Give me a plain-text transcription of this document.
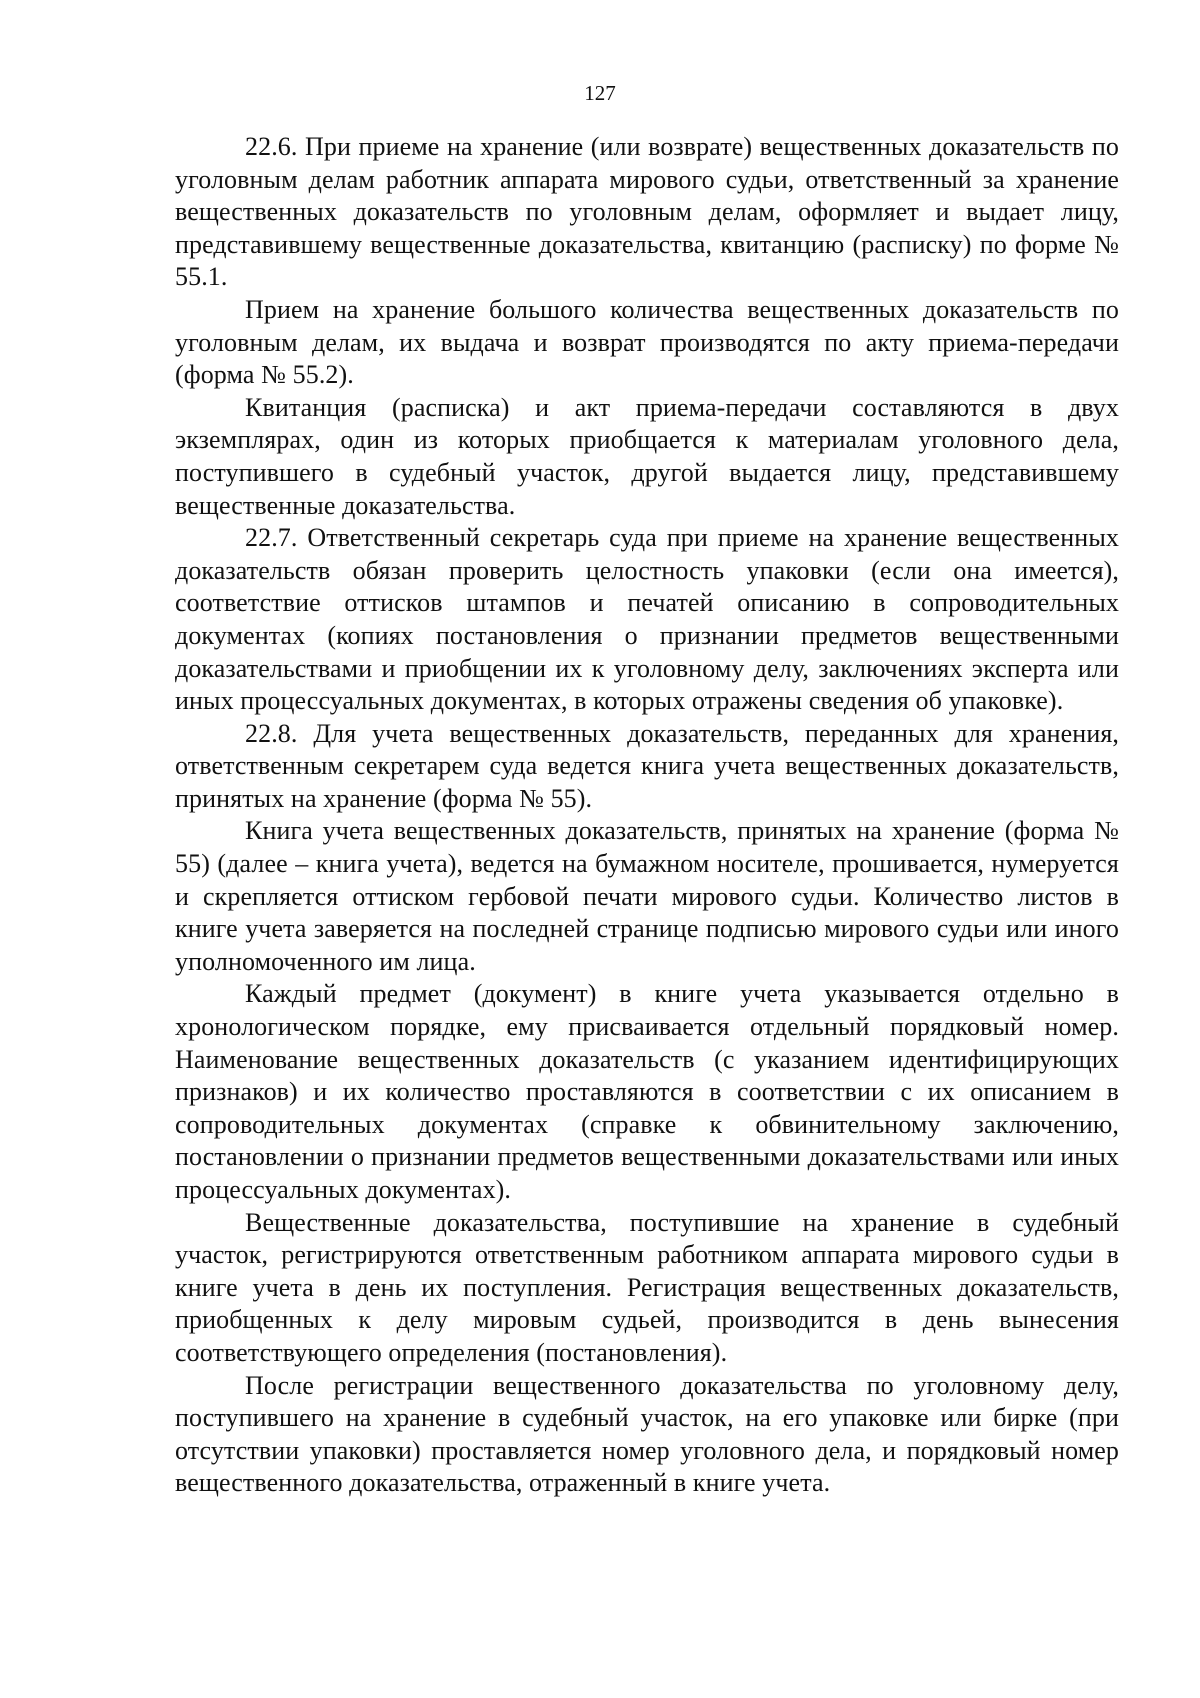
127

22.6. При приеме на хранение (или возврате) вещественных доказательств по уголовным делам работник аппарата мирового судьи, ответственный за хранение вещественных доказательств по уголовным делам, оформляет и выдает лицу, представившему вещественные доказательства, квитанцию (расписку) по форме № 55.1.

Прием на хранение большого количества вещественных доказательств по уголовным делам, их выдача и возврат производятся по акту приема-передачи (форма № 55.2).

Квитанция (расписка) и акт приема-передачи составляются в двух экземплярах, один из которых приобщается к материалам уголовного дела, поступившего в судебный участок, другой выдается лицу, представившему вещественные доказательства.

22.7. Ответственный секретарь суда при приеме на хранение вещественных доказательств обязан проверить целостность упаковки (если она имеется), соответствие оттисков штампов и печатей описанию в сопроводительных документах (копиях постановления о признании предметов вещественными доказательствами и приобщении их к уголовному делу, заключениях эксперта или иных процессуальных документах, в которых отражены сведения об упаковке).

22.8. Для учета вещественных доказательств, переданных для хранения, ответственным секретарем суда ведется книга учета вещественных доказательств, принятых на хранение (форма № 55).

Книга учета вещественных доказательств, принятых на хранение (форма № 55) (далее – книга учета), ведется на бумажном носителе, прошивается, нумеруется и скрепляется оттиском гербовой печати мирового судьи. Количество листов в книге учета заверяется на последней странице подписью мирового судьи или иного уполномоченного им лица.

Каждый предмет (документ) в книге учета указывается отдельно в хронологическом порядке, ему присваивается отдельный порядковый номер. Наименование вещественных доказательств (с указанием идентифицирующих признаков) и их количество проставляются в соответствии с их описанием в сопроводительных документах (справке к обвинительному заключению, постановлении о признании предметов вещественными доказательствами или иных процессуальных документах).

Вещественные доказательства, поступившие на хранение в судебный участок, регистрируются ответственным работником аппарата мирового судьи в книге учета в день их поступления. Регистрация вещественных доказательств, приобщенных к делу мировым судьей, производится в день вынесения соответствующего определения (постановления).

После регистрации вещественного доказательства по уголовному делу, поступившего на хранение в судебный участок, на его упаковке или бирке (при отсутствии упаковки) проставляется номер уголовного дела, и порядковый номер вещественного доказательства, отраженный в книге учета.
